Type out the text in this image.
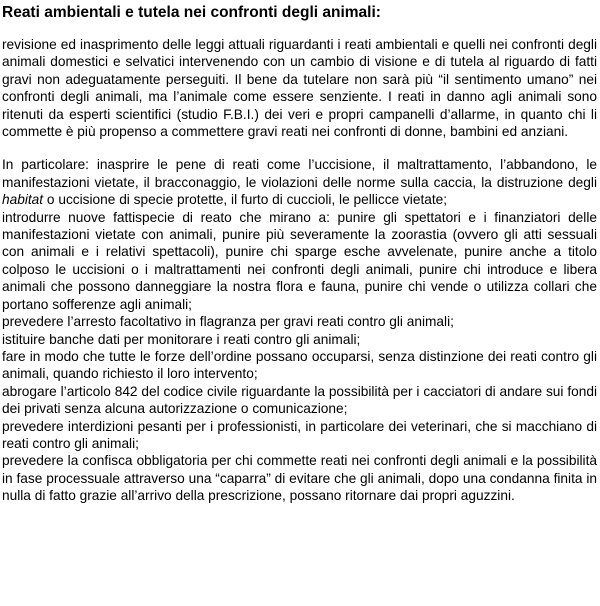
Reati ambientali e tutela nei confronti degli animali:

revisione ed inasprimento delle leggi attuali riguardanti i reati ambientali e quelli nei confronti degli animali domestici e selvatici intervenendo con un cambio di visione e di tutela al riguardo di fatti gravi non adeguatamente perseguiti. Il bene da tutelare non sarà più “il sentimento umano” nei confronti degli animali, ma l’animale come essere senziente. I reati in danno agli animali sono ritenuti da esperti scientifici (studio F.B.I.) dei veri e propri campanelli d’allarme, in quanto chi li commette è più propenso a commettere gravi reati nei confronti di donne, bambini ed anziani.

In particolare: inasprire le pene di reati come l’uccisione, il maltrattamento, l’abbandono, le manifestazioni vietate, il bracconaggio, le violazioni delle norme sulla caccia, la distruzione degli habitat o uccisione di specie protette, il furto di cuccioli, le pellicce vietate;

introdurre nuove fattispecie di reato che mirano a: punire gli spettatori e i finanziatori delle manifestazioni vietate con animali, punire più severamente la zoorastia (ovvero gli atti sessuali con animali e i relativi spettacoli), punire chi sparge esche avvelenate, punire anche a titolo colposo le uccisioni o i maltrattamenti nei confronti degli animali, punire chi introduce e libera animali che possono danneggiare la nostra flora e fauna, punire chi vende o utilizza collari che portano sofferenze agli animali;

prevedere l’arresto facoltativo in flagranza per gravi reati contro gli animali;

istituire banche dati per monitorare i reati contro gli animali;

fare in modo che tutte le forze dell’ordine possano occuparsi, senza distinzione dei reati contro gli animali, quando richiesto il loro intervento;

abrogare l’articolo 842 del codice civile riguardante la possibilità per i cacciatori di andare sui fondi dei privati senza alcuna autorizzazione o comunicazione;

prevedere interdizioni pesanti per i professionisti, in particolare dei veterinari, che si macchiano di reati contro gli animali;

prevedere la confisca obbligatoria per chi commette reati nei confronti degli animali e la possibilità in fase processuale attraverso una “caparra” di evitare che gli animali, dopo una condanna finita in nulla di fatto grazie all’arrivo della prescrizione, possano ritornare dai propri aguzzini.
